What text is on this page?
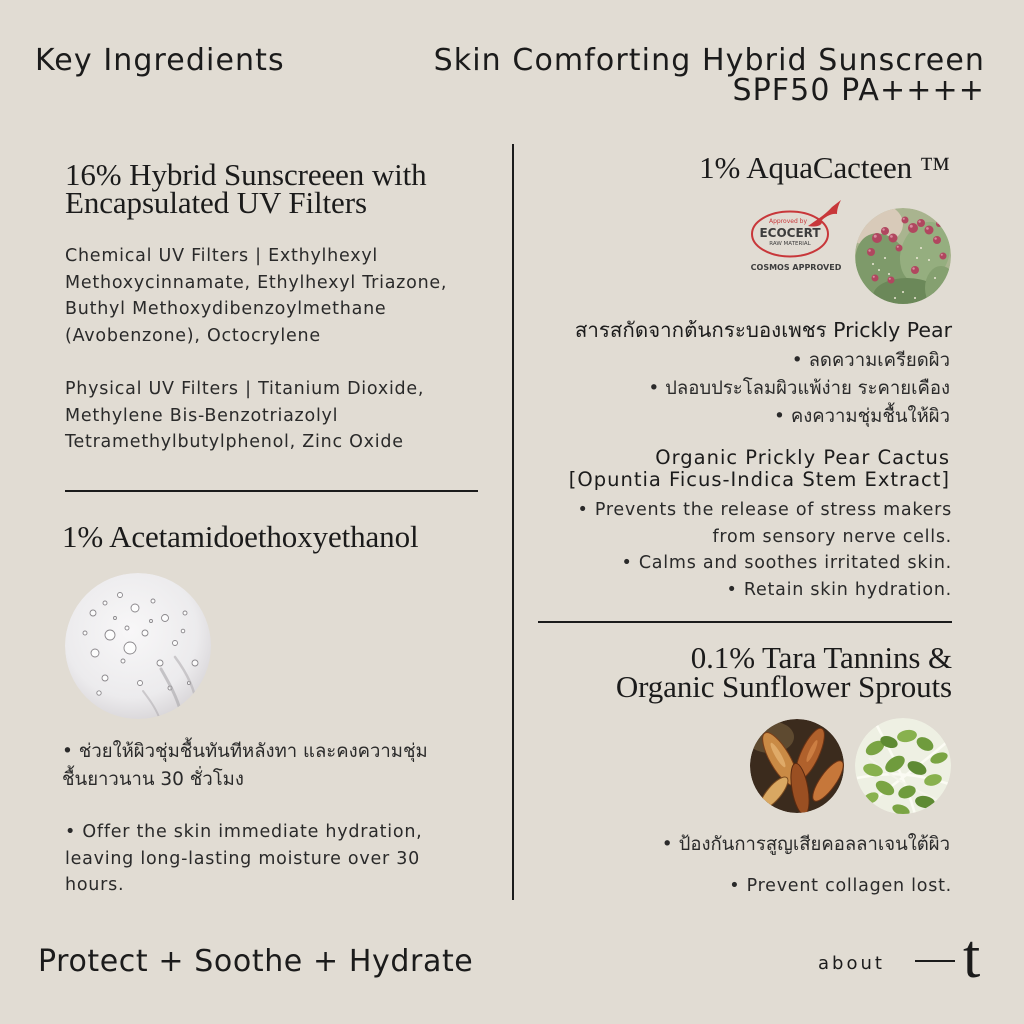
Key Ingredients	Skin Comforting Hybrid Sunscreen
SPF50 PA++++
16% Hybrid Sunscreeen with
Encapsulated UV Filters
Chemical UV Filters | Exthylhexyl
Methoxycinnamate, Ethylhexyl Triazone,
Buthyl Methoxydibenzoylmethane
(Avobenzone), Octocrylene
Physical UV Filters | Titanium Dioxide,
Methylene Bis-Benzotriazolyl
Tetramethylbutylphenol, Zinc Oxide
1% Acetamidoethoxyethanol
• ช่วยให้ผิวชุ่มชื้นทันทีหลังทา และคงความชุ่ม
ชื้นยาวนาน 30 ชั่วโมง
• Offer the skin immediate hydration,
leaving long-lasting moisture over 30
hours.
1% AquaCacteen ™
Approved by
ECOCERT
RAW MATERIAL
COSMOS APPROVED
สารสกัดจากต้นกระบองเพชร Prickly Pear
• ลดความเครียดผิว
• ปลอบประโลมผิวแพ้ง่าย ระคายเคือง
• คงความชุ่มชื้นให้ผิว
Organic Prickly Pear Cactus
[Opuntia Ficus-Indica Stem Extract]
• Prevents the release of stress makers
from sensory nerve cells.
• Calms and soothes irritated skin.
• Retain skin hydration.
0.1% Tara Tannins &
Organic Sunflower Sprouts
• ป้องกันการสูญเสียคอลลาเจนใต้ผิว
• Prevent collagen lost.
Protect + Soothe + Hydrate	about t
